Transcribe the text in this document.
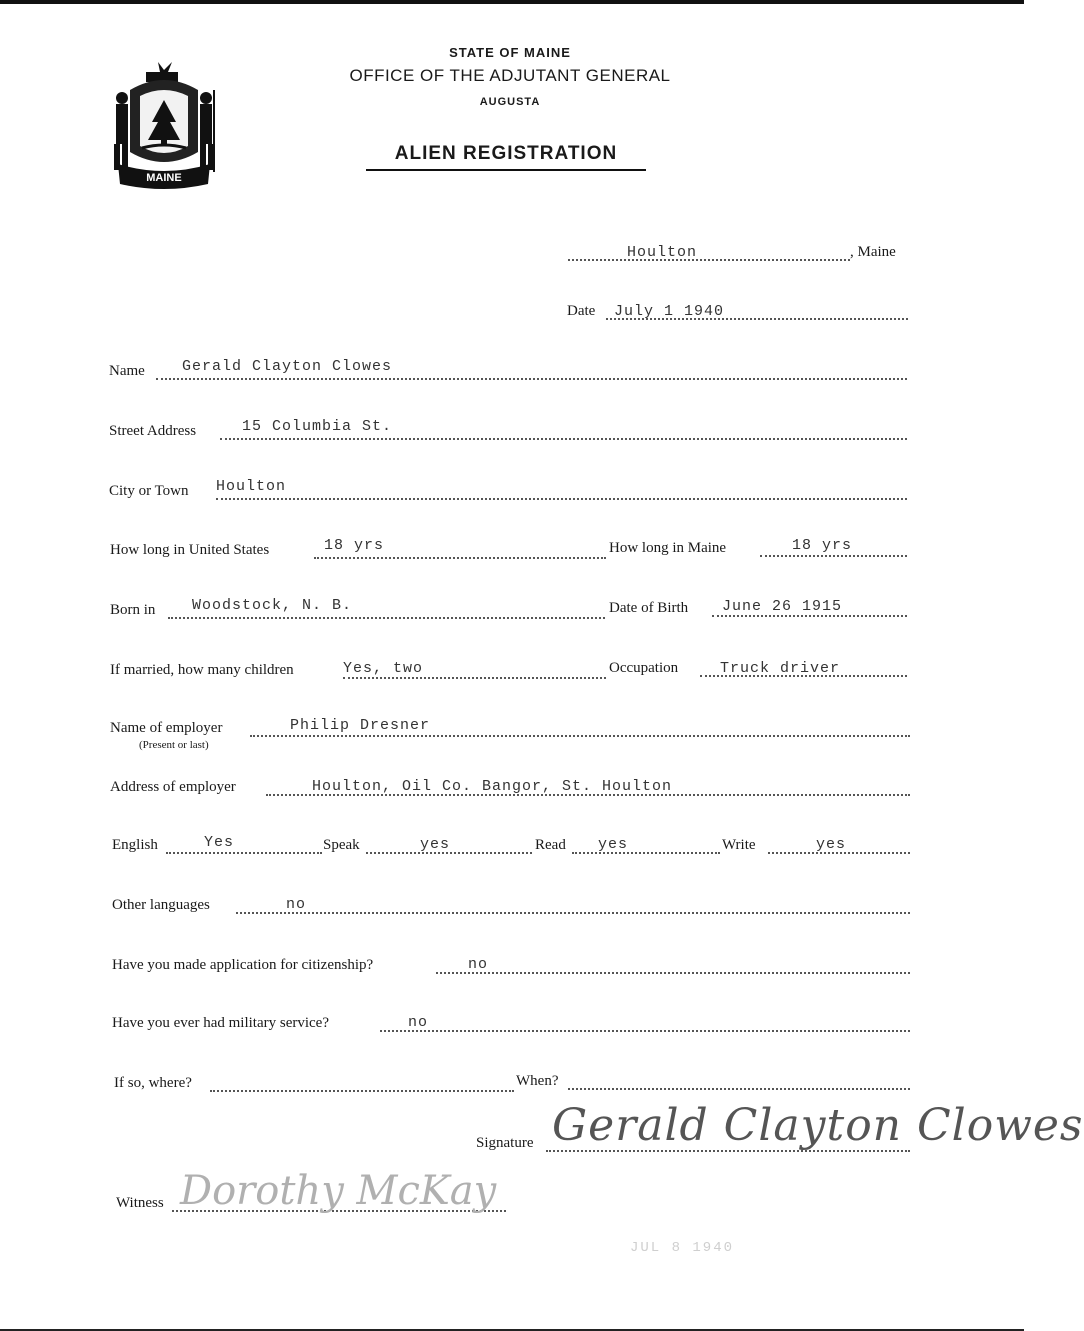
MAINE
STATE OF MAINE
OFFICE OF THE ADJUTANT GENERAL
AUGUSTA
ALIEN REGISTRATION
Houlton	, Maine
Date July 1 1940
Name Gerald Clayton Clowes
Street Address	15 Columbia St.
City or Town Houlton
How long in United States	18 yrs	How long in Maine	18 yrs
Born in Woodstock, N. B.	Date of Birth June 26 1915
If married, how many children	Yes, two	Occupation	Truck driver
Name of employer
(Present or last)
Philip Dresner
Address of employer	Houlton, Oil Co. Bangor, St. Houlton
English	Yes	Speak	yes	Read yes	Write	yes
Other languages	no
Have you made application for citizenship?	no
Have you ever had military service?	no
If so, where?	When?
Signature Gerald Clayton Clowes
Witness Dorothy McKay
JUL 8 1940
